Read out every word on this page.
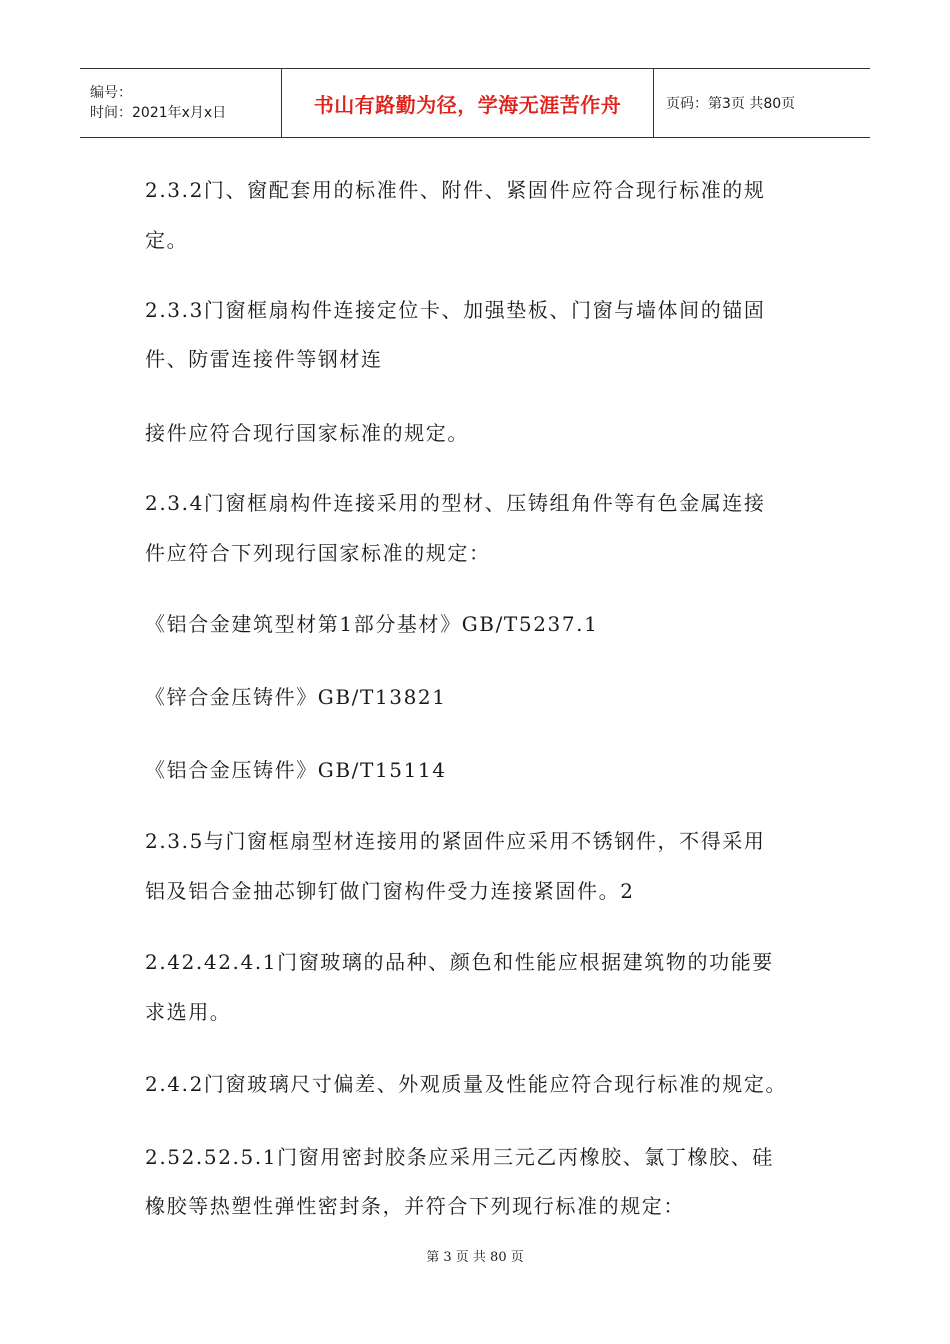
编号：
时间：2021年x月x日	书山有路勤为径，学海无涯苦作舟	页码：第3页 共80页
2.3.2门、窗配套用的标准件、附件、紧固件应符合现行标准的规
定。
2.3.3门窗框扇构件连接定位卡、加强垫板、门窗与墙体间的锚固
件、防雷连接件等钢材连
接件应符合现行国家标准的规定。
2.3.4门窗框扇构件连接采用的型材、压铸组角件等有色金属连接
件应符合下列现行国家标准的规定：
《铝合金建筑型材第1部分基材》GB/T5237.1
《锌合金压铸件》GB/T13821
《铝合金压铸件》GB/T15114
2.3.5与门窗框扇型材连接用的紧固件应采用不锈钢件，不得采用
铝及铝合金抽芯铆钉做门窗构件受力连接紧固件。2
2.42.42.4.1门窗玻璃的品种、颜色和性能应根据建筑物的功能要
求选用。
2.4.2门窗玻璃尺寸偏差、外观质量及性能应符合现行标准的规定。
2.52.52.5.1门窗用密封胶条应采用三元乙丙橡胶、氯丁橡胶、硅
橡胶等热塑性弹性密封条，并符合下列现行标准的规定：
第 3 页 共 80 页
